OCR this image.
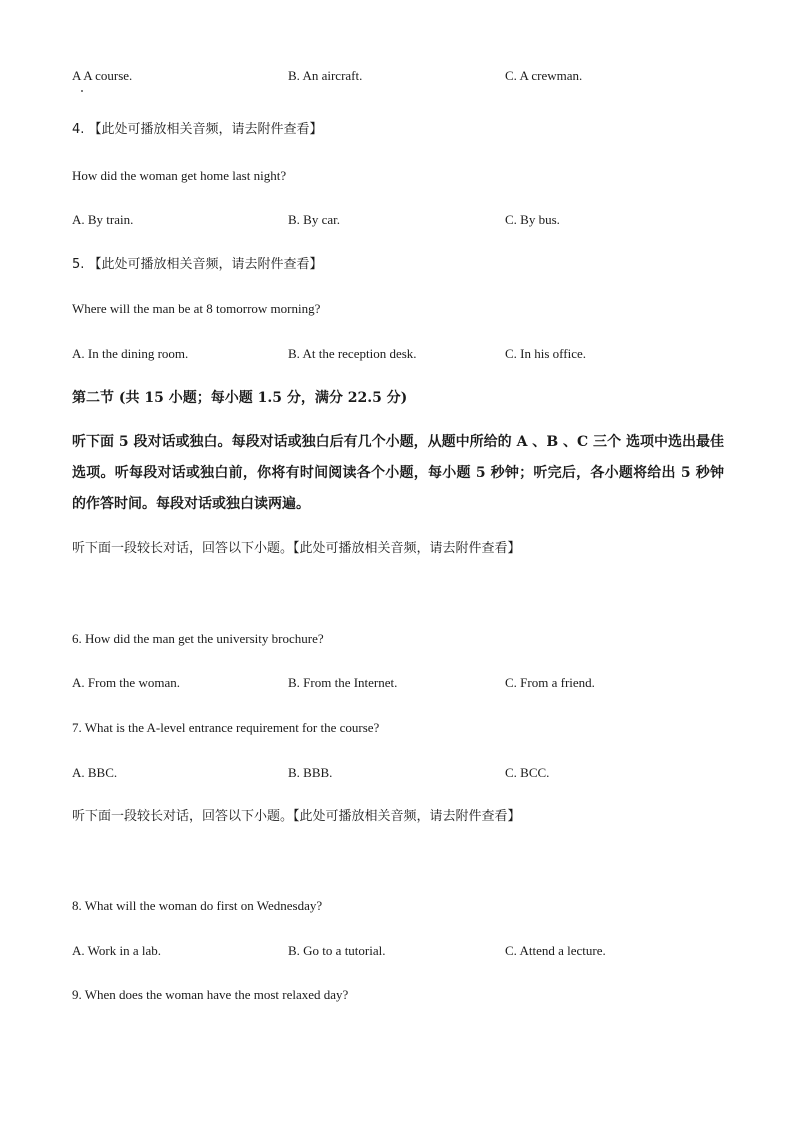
A A course.	B. An aircraft.	C. A crewman.
4. 【此处可播放相关音频，请去附件查看】
How did the woman get home last night?
A. By train.	B. By car.	C. By bus.
5. 【此处可播放相关音频，请去附件查看】
Where will the man be at 8 tomorrow morning?
A. In the dining room.	B. At the reception desk.	C. In his office.
第二节 (共 15 小题；每小题 1.5 分，满分 22.5 分)
听下面 5 段对话或独白。每段对话或独白后有几个小题，从题中所给的 A 、B 、C 三个 选项中选出最佳选项。听每段对话或独白前，你将有时间阅读各个小题，每小题 5 秒钟；听完后，各小题将给出 5 秒钟的作答时间。每段对话或独白读两遍。
听下面一段较长对话，回答以下小题。【此处可播放相关音频，请去附件查看】
6. How did the man get the university brochure?
A. From the woman.	B. From the Internet.	C. From a friend.
7. What is the A-level entrance requirement for the course?
A. BBC.	B. BBB.	C. BCC.
听下面一段较长对话，回答以下小题。【此处可播放相关音频，请去附件查看】
8. What will the woman do first on Wednesday?
A. Work in a lab.	B. Go to a tutorial.	C. Attend a lecture.
9. When does the woman have the most relaxed day?
